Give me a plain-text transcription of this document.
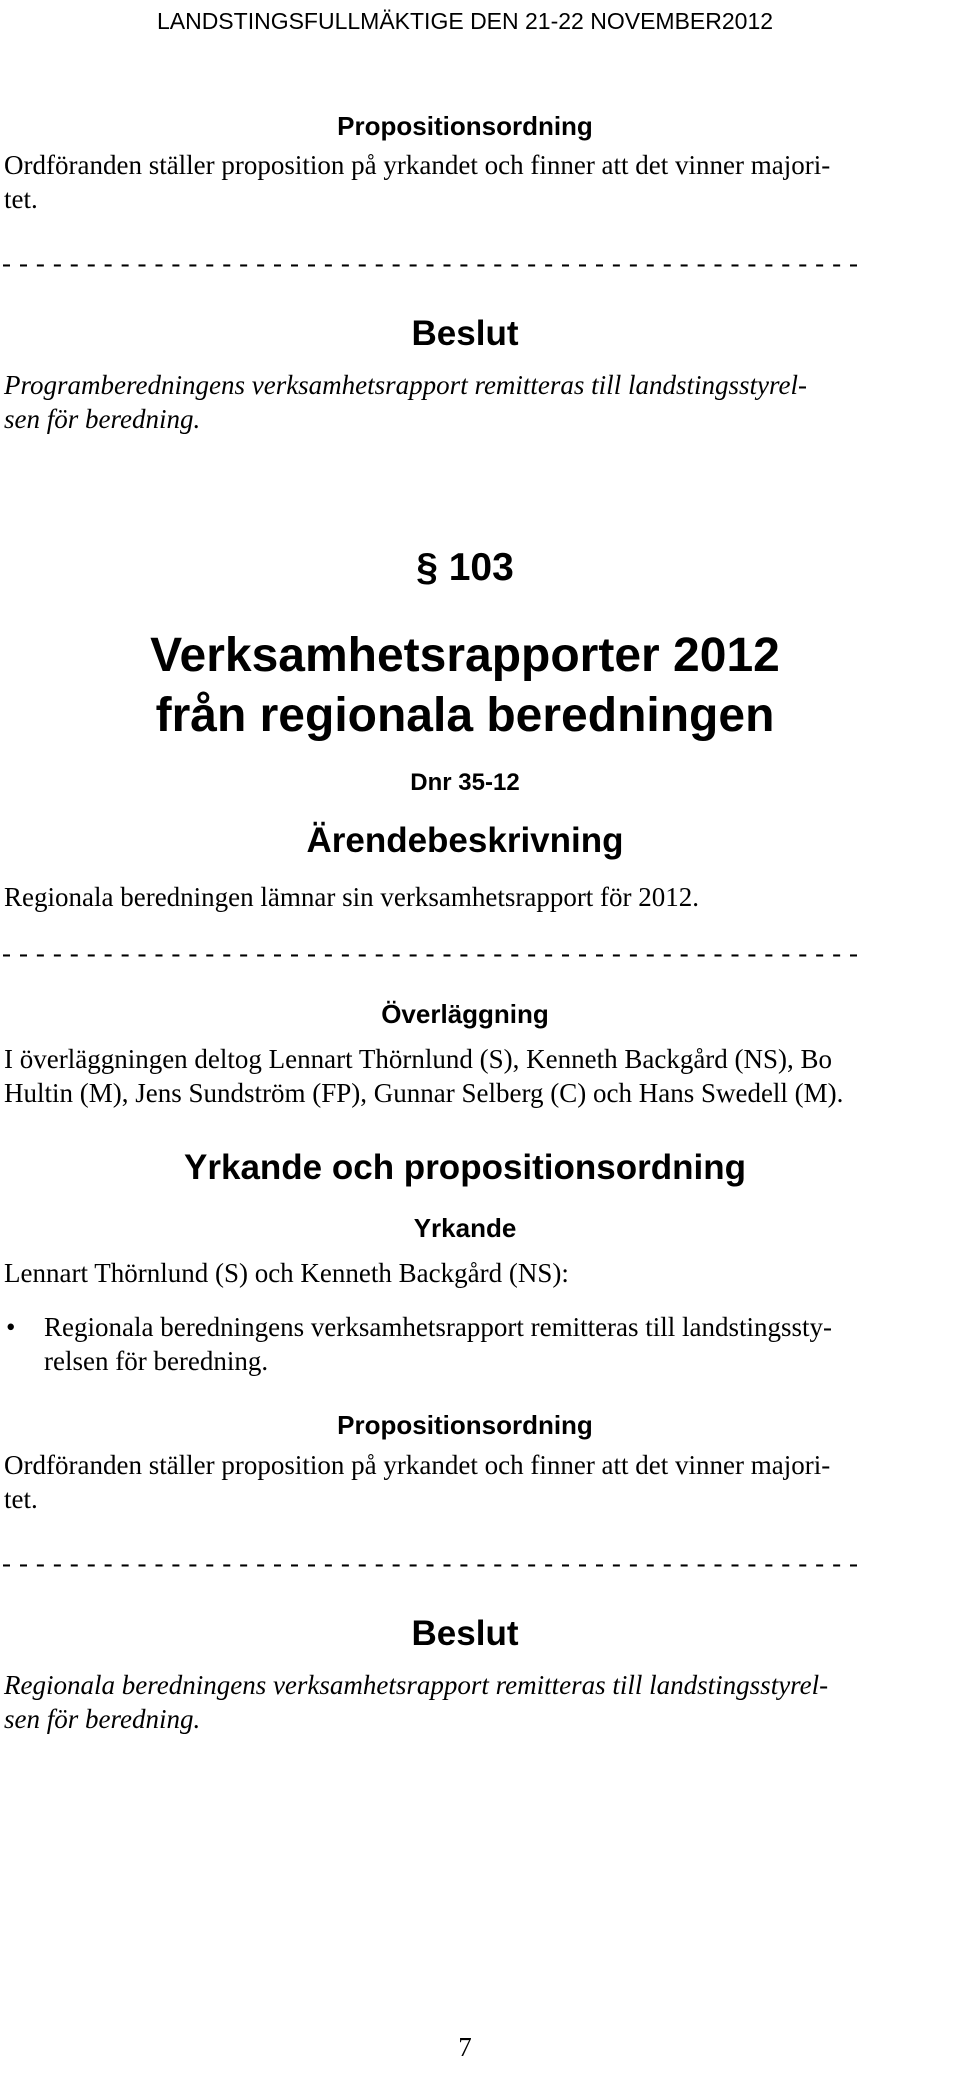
LANDSTINGSFULLMÄKTIGE DEN 21-22 NOVEMBER2012
Propositionsordning
Ordföranden ställer proposition på yrkandet och finner att det vinner majori-
tet.
- - - - - - - - - - - - - - - - - - - - - - - - - - - - - - - - - - - - - - - - - - - - - - - - - - -
Beslut
Programberedningens verksamhetsrapport remitteras till landstingsstyrel-
sen för beredning.
§ 103
Verksamhetsrapporter 2012
från regionala beredningen
Dnr 35-12
Ärendebeskrivning
Regionala beredningen lämnar sin verksamhetsrapport för 2012.
- - - - - - - - - - - - - - - - - - - - - - - - - - - - - - - - - - - - - - - - - - - - - - - - - - -
Överläggning
I överläggningen deltog Lennart Thörnlund (S), Kenneth Backgård (NS), Bo
Hultin (M), Jens Sundström (FP), Gunnar Selberg (C) och Hans Swedell (M).
Yrkande och propositionsordning
Yrkande
Lennart Thörnlund (S) och Kenneth Backgård (NS):
•	Regionala beredningens verksamhetsrapport remitteras till landstingssty-
relsen för beredning.
Propositionsordning
Ordföranden ställer proposition på yrkandet och finner att det vinner majori-
tet.
- - - - - - - - - - - - - - - - - - - - - - - - - - - - - - - - - - - - - - - - - - - - - - - - - - -
Beslut
Regionala beredningens verksamhetsrapport remitteras till landstingsstyrel-
sen för beredning.
7
